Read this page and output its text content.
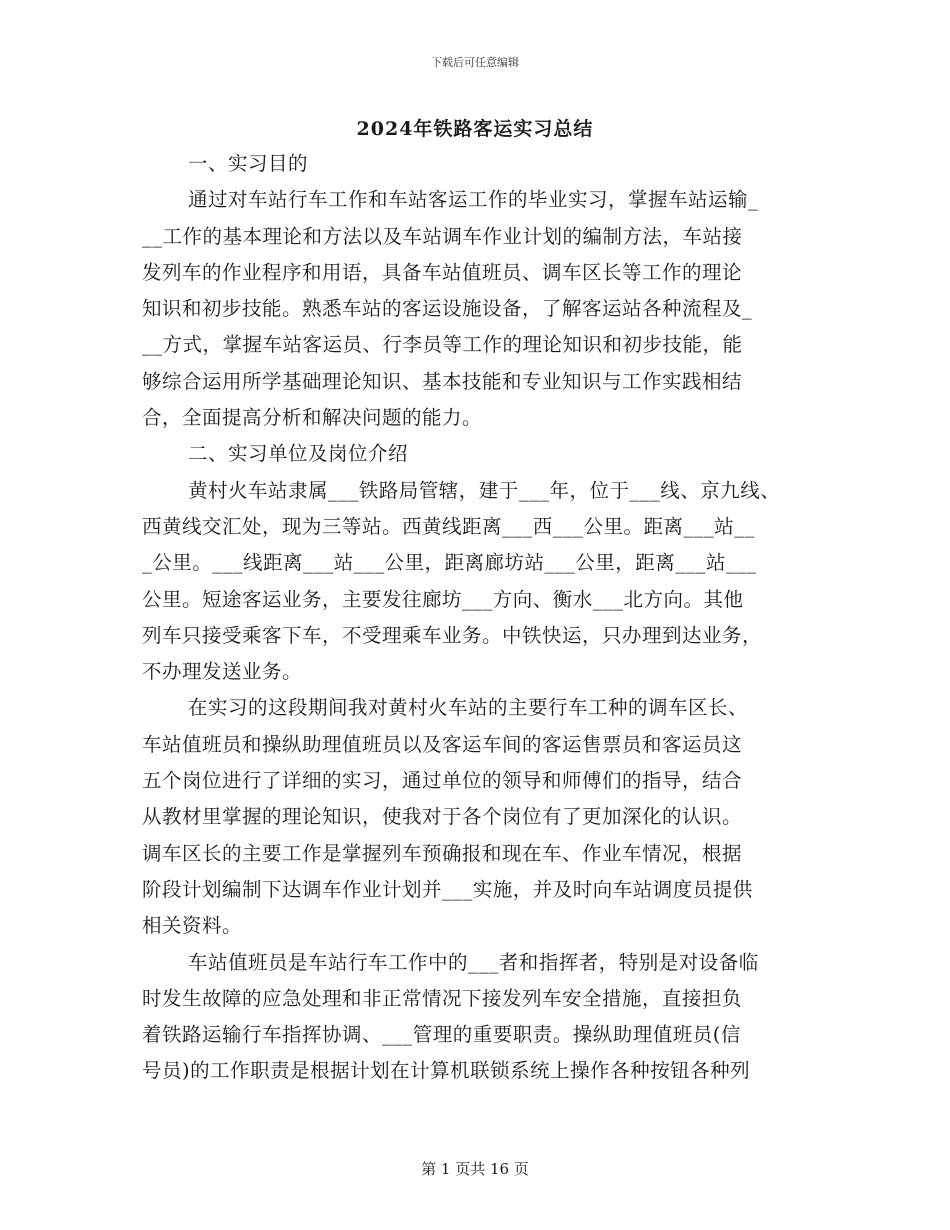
下载后可任意编辑
2024年铁路客运实习总结

一、实习目的

通过对车站行车工作和车站客运工作的毕业实习，掌握车站运输_
__工作的基本理论和方法以及车站调车作业计划的编制方法，车站接
发列车的作业程序和用语，具备车站值班员、调车区长等工作的理论
知识和初步技能。熟悉车站的客运设施设备，了解客运站各种流程及_
__方式，掌握车站客运员、行李员等工作的理论知识和初步技能，能
够综合运用所学基础理论知识、基本技能和专业知识与工作实践相结
合，全面提高分析和解决问题的能力。

二、实习单位及岗位介绍

黄村火车站隶属___铁路局管辖，建于___年，位于___线、京九线、
西黄线交汇处，现为三等站。西黄线距离___西___公里。距离___站__
_公里。___线距离___站___公里，距离廊坊站___公里，距离___站___
公里。短途客运业务，主要发往廊坊___方向、衡水___北方向。其他
列车只接受乘客下车，不受理乘车业务。中铁快运，只办理到达业务，
不办理发送业务。

在实习的这段期间我对黄村火车站的主要行车工种的调车区长、
车站值班员和操纵助理值班员以及客运车间的客运售票员和客运员这
五个岗位进行了详细的实习，通过单位的领导和师傅们的指导，结合
从教材里掌握的理论知识，使我对于各个岗位有了更加深化的认识。
调车区长的主要工作是掌握列车预确报和现在车、作业车情况，根据
阶段计划编制下达调车作业计划并___实施，并及时向车站调度员提供
相关资料。

车站值班员是车站行车工作中的___者和指挥者，特别是对设备临
时发生故障的应急处理和非正常情况下接发列车安全措施，直接担负
着铁路运输行车指挥协调、___管理的重要职责。操纵助理值班员(信
号员)的工作职责是根据计划在计算机联锁系统上操作各种按钮各种列

第 1 页共 16 页
